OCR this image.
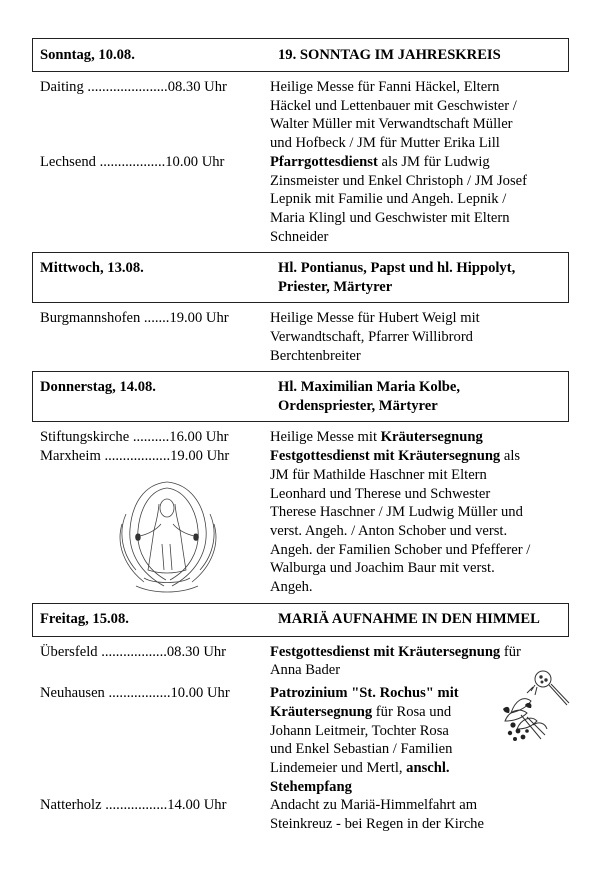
Sonntag, 10.08.	19. SONNTAG IM JAHRESKREIS
Daiting ......................08.30 Uhr	Heilige Messe für Fanni Häckel, Eltern
Häckel und Lettenbauer mit Geschwister /
Walter Müller mit Verwandtschaft Müller
und Hofbeck / JM für Mutter Erika Lill
Lechsend ..................10.00 Uhr	Pfarrgottesdienst als JM für Ludwig
Zinsmeister und Enkel Christoph / JM Josef
Lepnik mit Familie und Angeh. Lepnik /
Maria Klingl und Geschwister mit Eltern
Schneider
Mittwoch, 13.08.	Hl. Pontianus, Papst und hl. Hippolyt,
Priester, Märtyrer
Burgmannshofen .......19.00 Uhr	Heilige Messe für Hubert Weigl mit
Verwandtschaft, Pfarrer Willibrord
Berchtenbreiter
Donnerstag, 14.08.	Hl. Maximilian Maria Kolbe,
Ordenspriester, Märtyrer
Stiftungskirche ..........16.00 Uhr	Heilige Messe mit Kräutersegnung
Marxheim ..................19.00 Uhr	Festgottesdienst mit Kräutersegnung als
JM für Mathilde Haschner mit Eltern
Leonhard und Therese und Schwester
Therese Haschner / JM Ludwig Müller und
verst. Angeh. / Anton Schober und verst.
Angeh. der Familien Schober und Pfefferer /
Walburga und Joachim Baur mit verst.
Angeh.
Freitag, 15.08.	MARIÄ AUFNAHME IN DEN HIMMEL
Übersfeld ..................08.30 Uhr	Festgottesdienst mit Kräutersegnung für
Anna Bader
Neuhausen .................10.00 Uhr	Patrozinium "St. Rochus" mit
Kräutersegnung für Rosa und
Johann Leitmeir, Tochter Rosa
und Enkel Sebastian / Familien
Lindemeier und Mertl, anschl.
Stehempfang
Natterholz .................14.00 Uhr	Andacht zu Mariä-Himmelfahrt am
Steinkreuz - bei Regen in der Kirche
